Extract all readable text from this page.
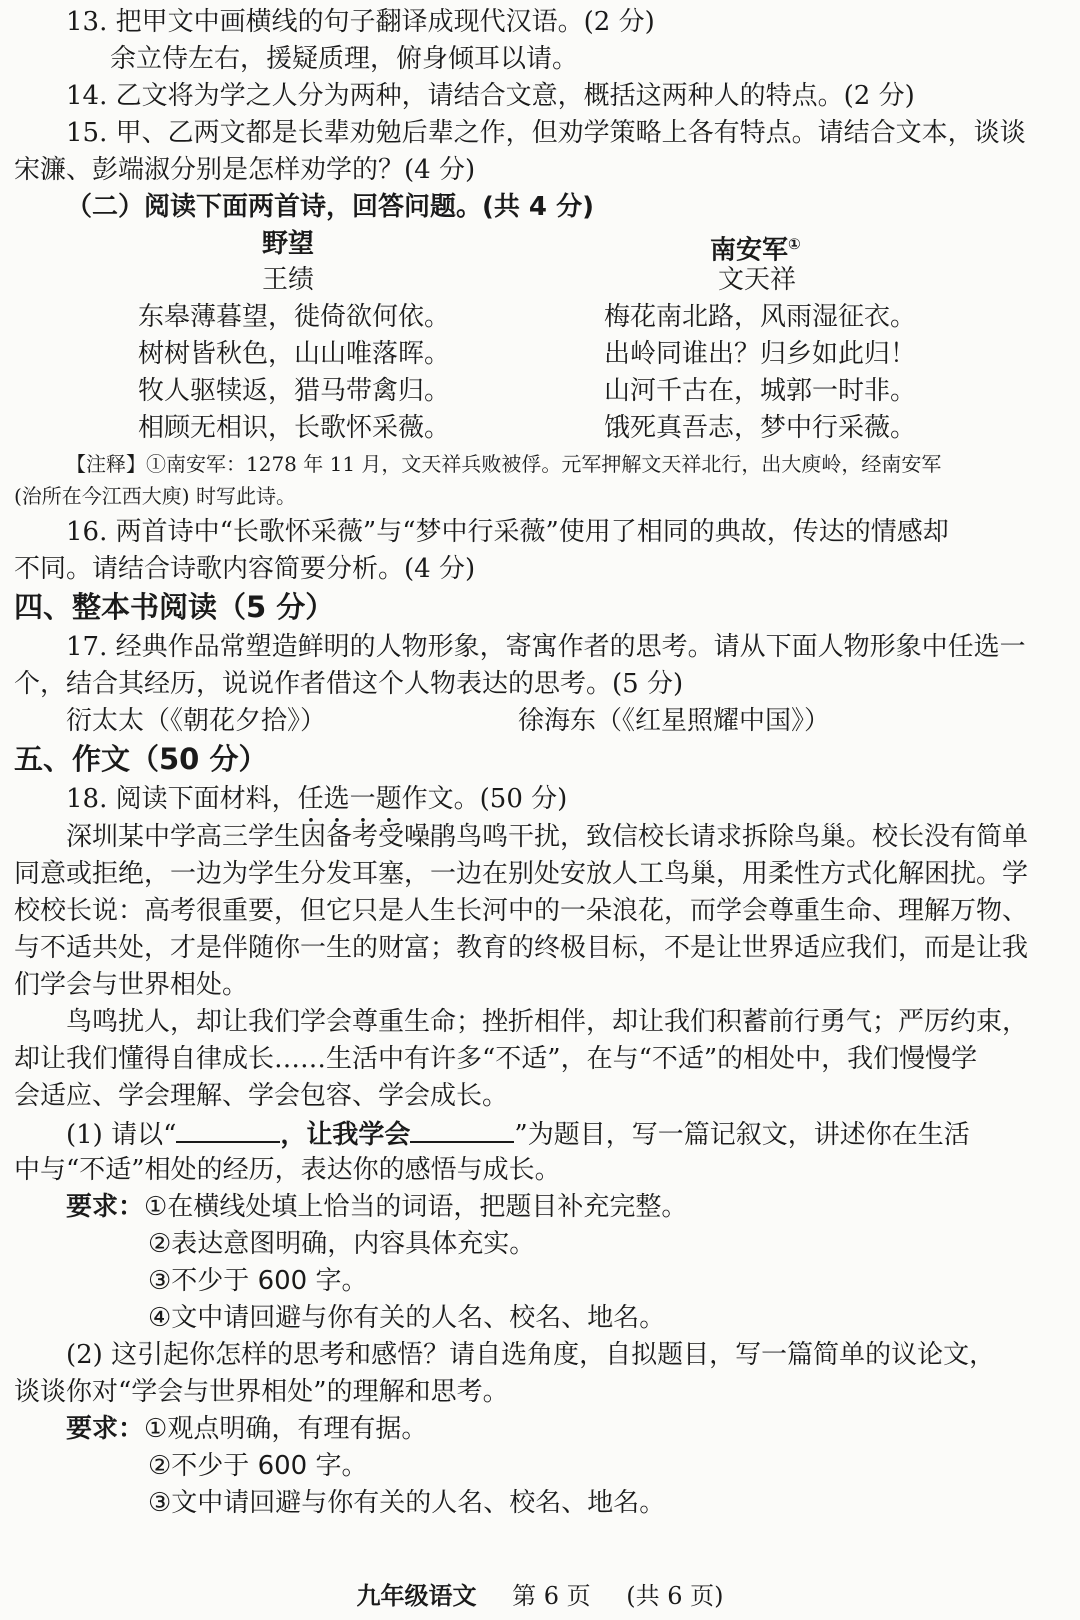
13. 把甲文中画横线的句子翻译成现代汉语。(2 分)
余立侍左右，援疑质理，俯身倾耳以请。
14. 乙文将为学之人分为两种，请结合文意，概括这两种人的特点。(2 分)
15. 甲、乙两文都是长辈劝勉后辈之作，但劝学策略上各有特点。请结合文本，谈谈
宋濂、彭端淑分别是怎样劝学的？(4 分)
（二）阅读下面两首诗，回答问题。(共 4 分)
野望
王绩
东皋薄暮望，徙倚欲何依。
树树皆秋色，山山唯落晖。
牧人驱犊返，猎马带禽归。
相顾无相识，长歌怀采薇。
南安军①
文天祥
梅花南北路，风雨湿征衣。
出岭同谁出？归乡如此归！
山河千古在，城郭一时非。
饿死真吾志，梦中行采薇。
【注释】①南安军：1278 年 11 月，文天祥兵败被俘。元军押解文天祥北行，出大庾岭，经南安军
(治所在今江西大庾) 时写此诗。
16. 两首诗中“长歌怀采薇”与“梦中行采薇”使用了相同的典故，传达的情感却
不同。请结合诗歌内容简要分析。(4 分)
四、整本书阅读（5 分）
17. 经典作品常塑造鲜明的人物形象，寄寓作者的思考。请从下面人物形象中任选一
个，结合其经历，说说作者借这个人物表达的思考。(5 分)
衍太太（《朝花夕拾》）	徐海东（《红星照耀中国》）
五、作文（50 分）
18. 阅读下面材料，任选一题作文。(50 分)
深圳某中学高三学生因备考受噪鹃鸟鸣干扰，致信校长请求拆除鸟巢。校长没有简单
同意或拒绝，一边为学生分发耳塞，一边在别处安放人工鸟巢，用柔性方式化解困扰。学
校校长说：高考很重要，但它只是人生长河中的一朵浪花，而学会尊重生命、理解万物、
与不适共处，才是伴随你一生的财富；教育的终极目标，不是让世界适应我们，而是让我
们学会与世界相处。
鸟鸣扰人，却让我们学会尊重生命；挫折相伴，却让我们积蓄前行勇气；严厉约束，
却让我们懂得自律成长……生活中有许多“不适”，在与“不适”的相处中，我们慢慢学
会适应、学会理解、学会包容、学会成长。
(1) 请以“	，让我学会	”为题目，写一篇记叙文，讲述你在生活
中与“不适”相处的经历，表达你的感悟与成长。
要求：①在横线处填上恰当的词语，把题目补充完整。
②表达意图明确，内容具体充实。
③不少于 600 字。
④文中请回避与你有关的人名、校名、地名。
(2) 这引起你怎样的思考和感悟？请自选角度，自拟题目，写一篇简单的议论文，
谈谈你对“学会与世界相处”的理解和思考。
要求：①观点明确，有理有据。
②不少于 600 字。
③文中请回避与你有关的人名、校名、地名。
九年级语文 第 6 页 (共 6 页)
